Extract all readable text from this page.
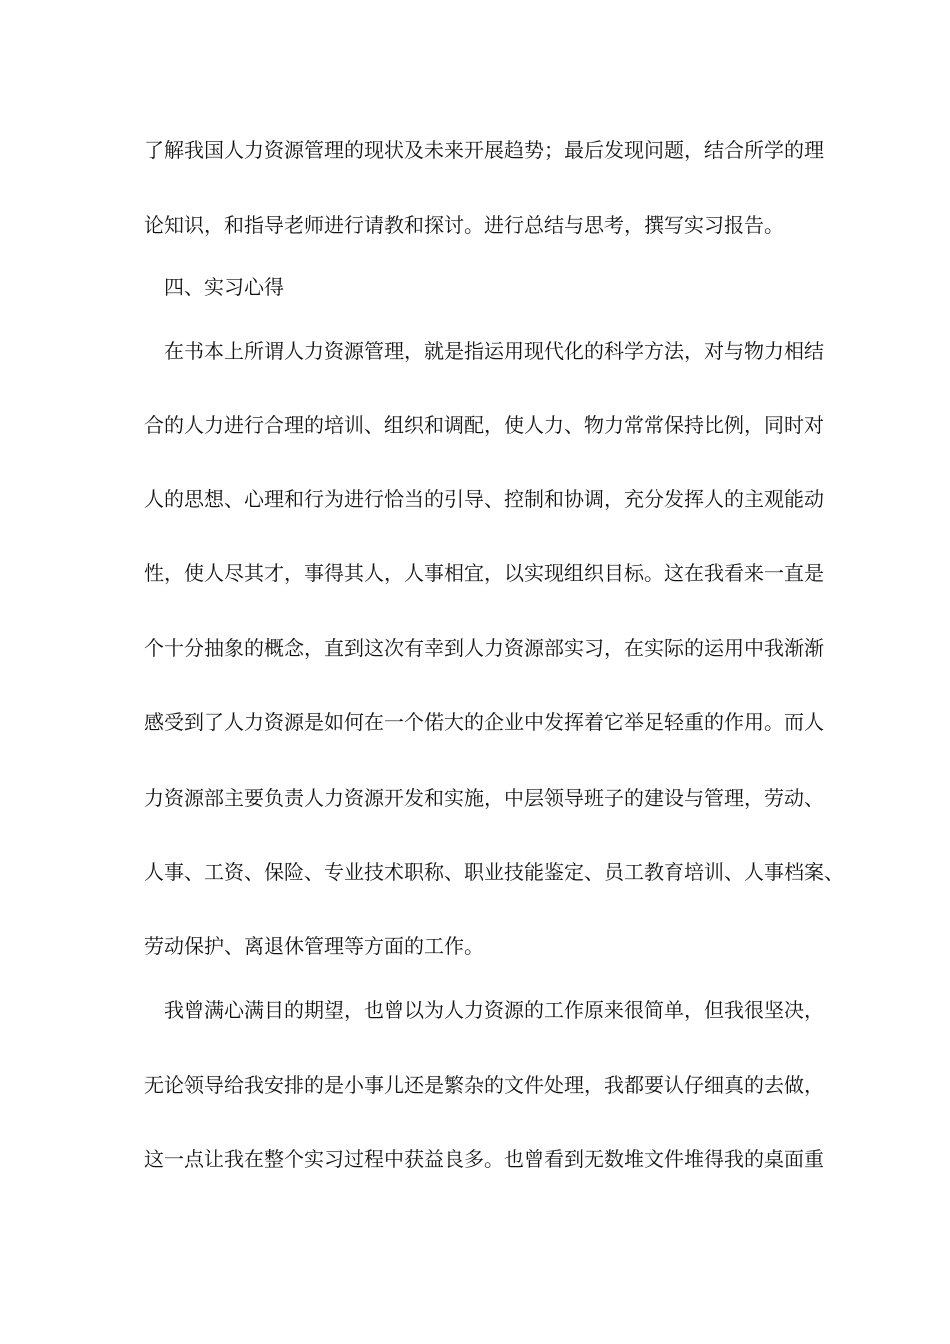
了解我国人力资源管理的现状及未来开展趋势；最后发现问题，结合所学的理
论知识，和指导老师进行请教和探讨。进行总结与思考，撰写实习报告。
四、实习心得
在书本上所谓人力资源管理，就是指运用现代化的科学方法，对与物力相结
合的人力进行合理的培训、组织和调配，使人力、物力常常保持比例，同时对
人的思想、心理和行为进行恰当的引导、控制和协调，充分发挥人的主观能动
性，使人尽其才，事得其人，人事相宜，以实现组织目标。这在我看来一直是
个十分抽象的概念，直到这次有幸到人力资源部实习，在实际的运用中我渐渐
感受到了人力资源是如何在一个偌大的企业中发挥着它举足轻重的作用。而人
力资源部主要负责人力资源开发和实施，中层领导班子的建设与管理，劳动、
人事、工资、保险、专业技术职称、职业技能鉴定、员工教育培训、人事档案、
劳动保护、离退休管理等方面的工作。
我曾满心满目的期望，也曾以为人力资源的工作原来很简单，但我很坚决，
无论领导给我安排的是小事儿还是繁杂的文件处理，我都要认仔细真的去做，
这一点让我在整个实习过程中获益良多。也曾看到无数堆文件堆得我的桌面重
